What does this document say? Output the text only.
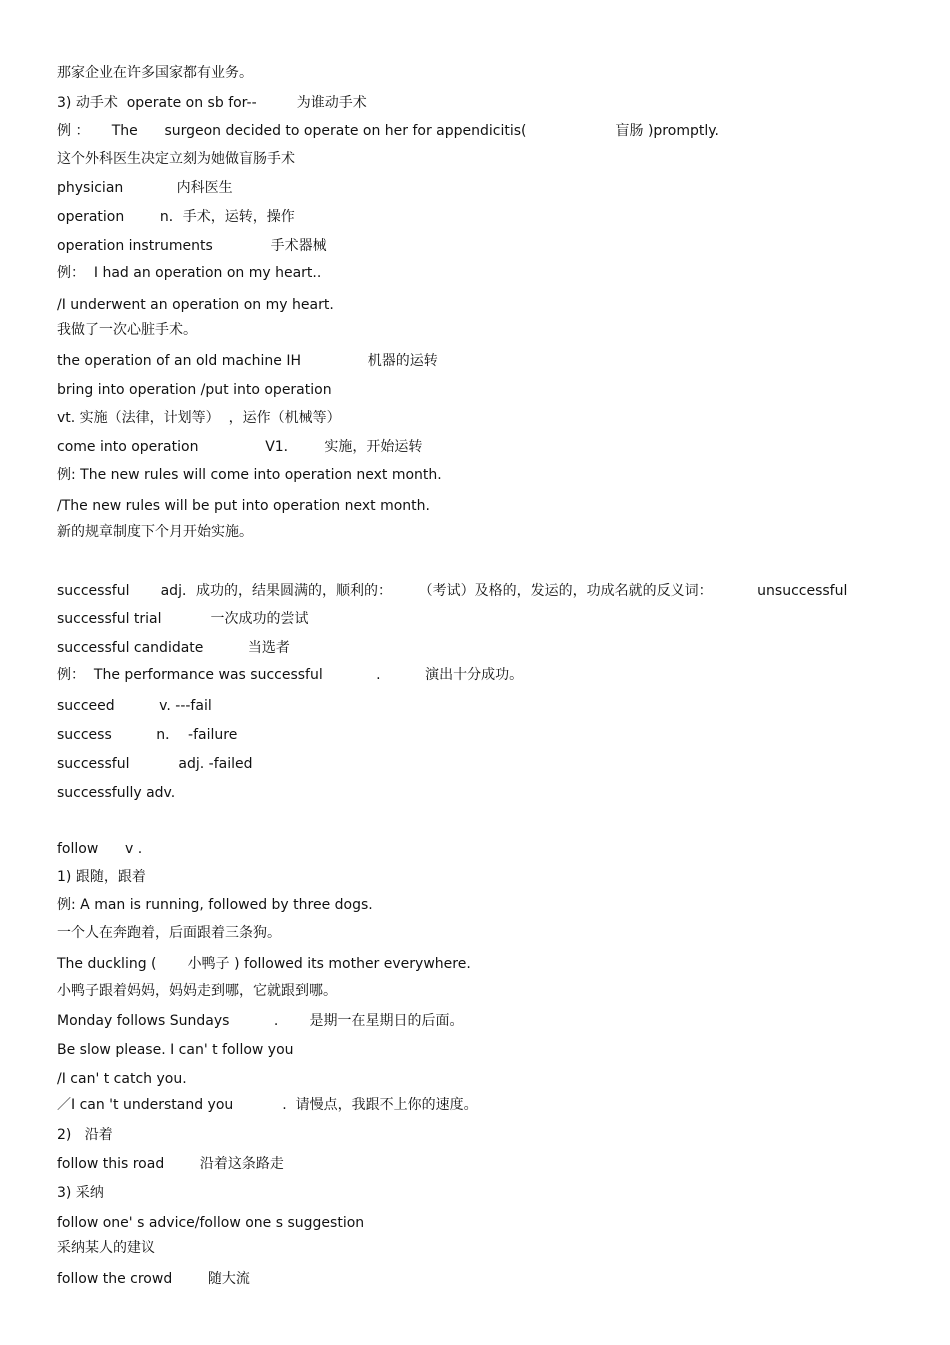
那家企业在许多国家都有业务。

3) 动手术  operate on sb for--         为谁动手术

例 ：     The      surgeon decided to operate on her for appendicitis(                    盲肠 )promptly.

这个外科医生决定立刻为她做盲肠手术

physician            内科医生

operation        n．手术，运转，操作

operation instruments             手术器械

例：  I had an operation on my heart..

/I underwent an operation on my heart.

我做了一次心脏手术。

the operation of an old machine IH               机器的运转

bring into operation /put into operation

vt. 实施（法律，计划等）  ，运作（机械等）

come into operation               V1．      实施，开始运转

例: The new rules will come into operation next month.

/The new rules will be put into operation next month.

新的规章制度下个月开始实施。

successful       adj．成功的，结果圆满的，顺利的：      （考试）及格的，发运的，功成名就的反义词：          unsuccessful

successful trial           一次成功的尝试

successful candidate          当选者

例：  The performance was successful            .          演出十分成功。

succeed          v. ---fail

success          n．  -failure

successful           adj. -failed

successfully adv.

follow      v .

1) 跟随，跟着

例: A man is running, followed by three dogs.

一个人在奔跑着，后面跟着三条狗。

The duckling (       小鸭子 ) followed its mother everywhere.

小鸭子跟着妈妈，妈妈走到哪，它就跟到哪。

Monday follows Sundays          .       是期一在星期日的后面。

Be slow please. I can' t follow you

/I can' t catch you.

／I can 't understand you           .  请慢点，我跟不上你的速度。

2)   沿着

follow this road        沿着这条路走

3) 采纳

follow one' s advice/follow one s suggestion

采纳某人的建议

follow the crowd        随大流
